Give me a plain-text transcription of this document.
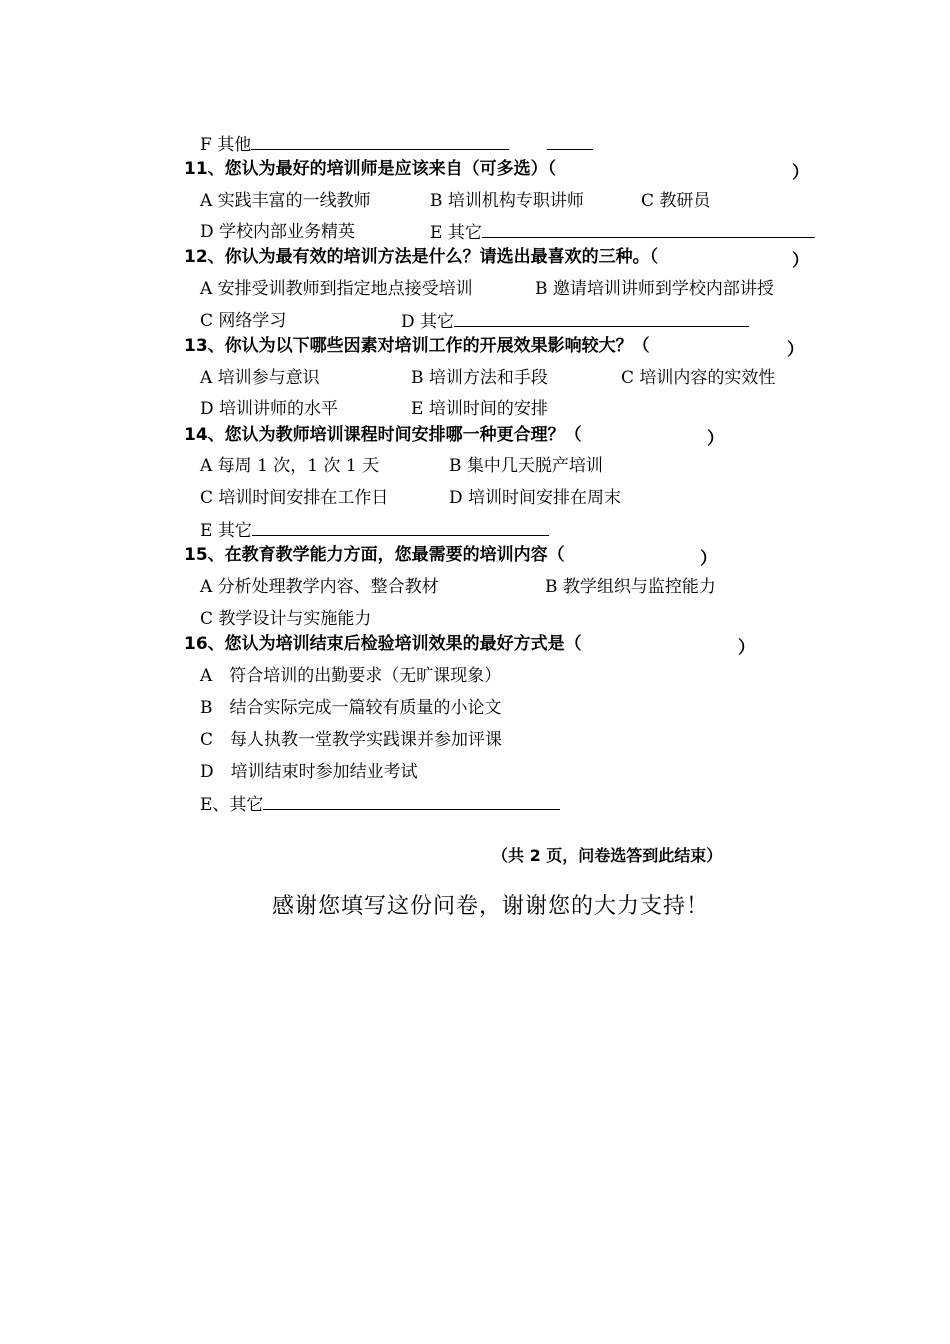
F 其他
11、您认为最好的培训师是应该来自（可多选）（	）
A 实践丰富的一线教师	B 培训机构专职讲师	C 教研员
D 学校内部业务精英	E 其它
12、你认为最有效的培训方法是什么？请选出最喜欢的三种。（	）
A 安排受训教师到指定地点接受培训	B 邀请培训讲师到学校内部讲授
C 网络学习	D 其它
13、你认为以下哪些因素对培训工作的开展效果影响较大？（	）
A 培训参与意识	B 培训方法和手段	C 培训内容的实效性
D 培训讲师的水平	E 培训时间的安排
14、您认为教师培训课程时间安排哪一种更合理？（	）
A 每周 1 次，1 次 1 天	B 集中几天脱产培训
C 培训时间安排在工作日	D 培训时间安排在周末
E 其它
15、在教育教学能力方面，您最需要的培训内容（	）
A 分析处理教学内容、整合教材	B 教学组织与监控能力
C 教学设计与实施能力
16、您认为培训结束后检验培训效果的最好方式是（	）
A　符合培训的出勤要求（无旷课现象）
B　结合实际完成一篇较有质量的小论文
C　每人执教一堂教学实践课并参加评课
D　培训结束时参加结业考试
E、其它
（共 2 页，问卷选答到此结束）
感谢您填写这份问卷，谢谢您的大力支持！
